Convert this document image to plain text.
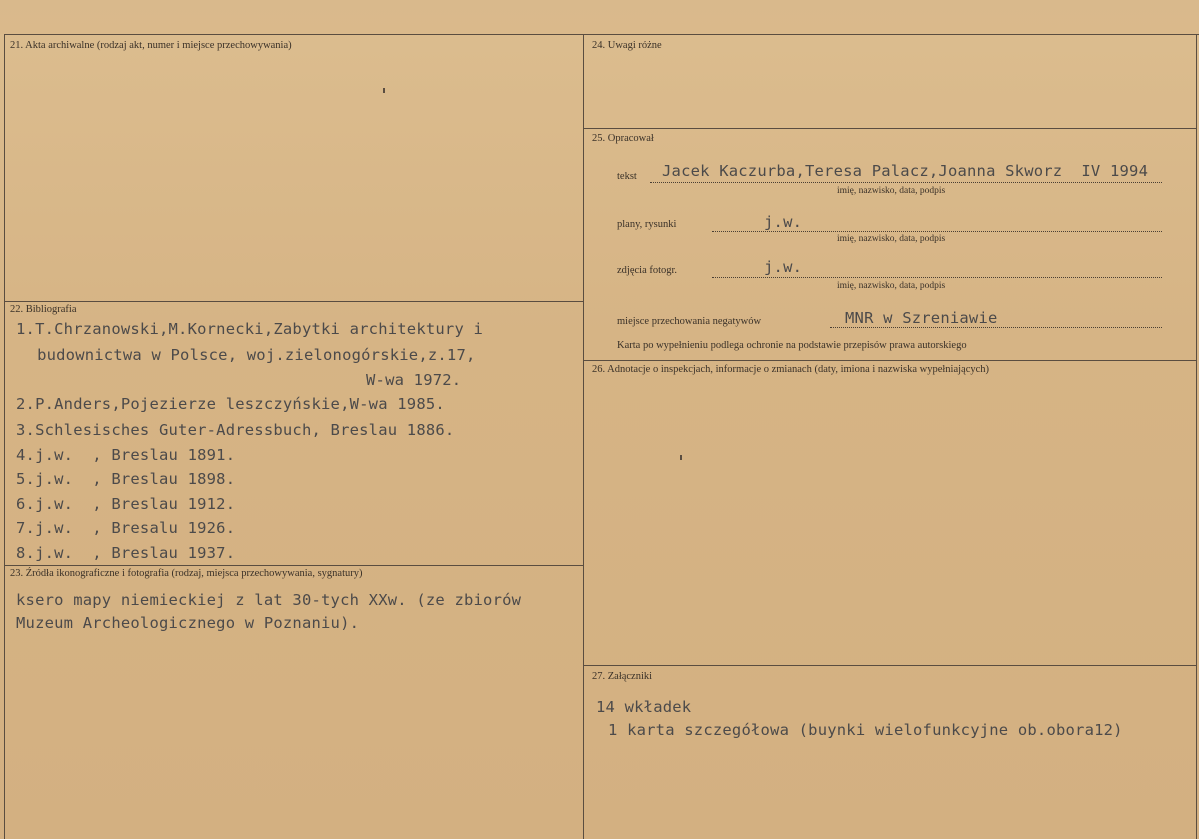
21. Akta archiwalne (rodzaj akt, numer i miejsce przechowywania)
22. Bibliografia
23. Źródła ikonograficzne i fotografia (rodzaj, miejsca przechowywania, sygnatury)
24. Uwagi różne
25. Opracował
26. Adnotacje o inspekcjach, informacje o zmianach (daty, imiona i nazwiska wypełniających)
27. Załączniki
1.T.Chrzanowski,M.Kornecki,Zabytki architektury i
budownictwa w Polsce, woj.zielonogórskie,z.17,
W-wa 1972.
2.P.Anders,Pojezierze leszczyńskie,W-wa 1985.
3.Schlesisches Guter-Adressbuch, Breslau 1886.
4.j.w.  , Breslau 1891.
5.j.w.  , Breslau 1898.
6.j.w.  , Breslau 1912.
7.j.w.  , Bresalu 1926.
8.j.w.  , Breslau 1937.
ksero mapy niemieckiej z lat 30-tych XXw. (ze zbiorów
Muzeum Archeologicznego w Poznaniu).
tekst Jacek Kaczurba,Teresa Palacz,Joanna Skworz  IV 1994
imię, nazwisko, data, podpis
plany, rysunki	j.w.
imię, nazwisko, data, podpis
zdjęcia fotogr.	j.w.
imię, nazwisko, data, podpis
miejsce przechowania negatywów	MNR w Szreniawie
Karta po wypełnieniu podlega ochronie na podstawie przepisów prawa autorskiego
14 wkładek
1 karta szczegółowa (buynki wielofunkcyjne ob.obora12)
